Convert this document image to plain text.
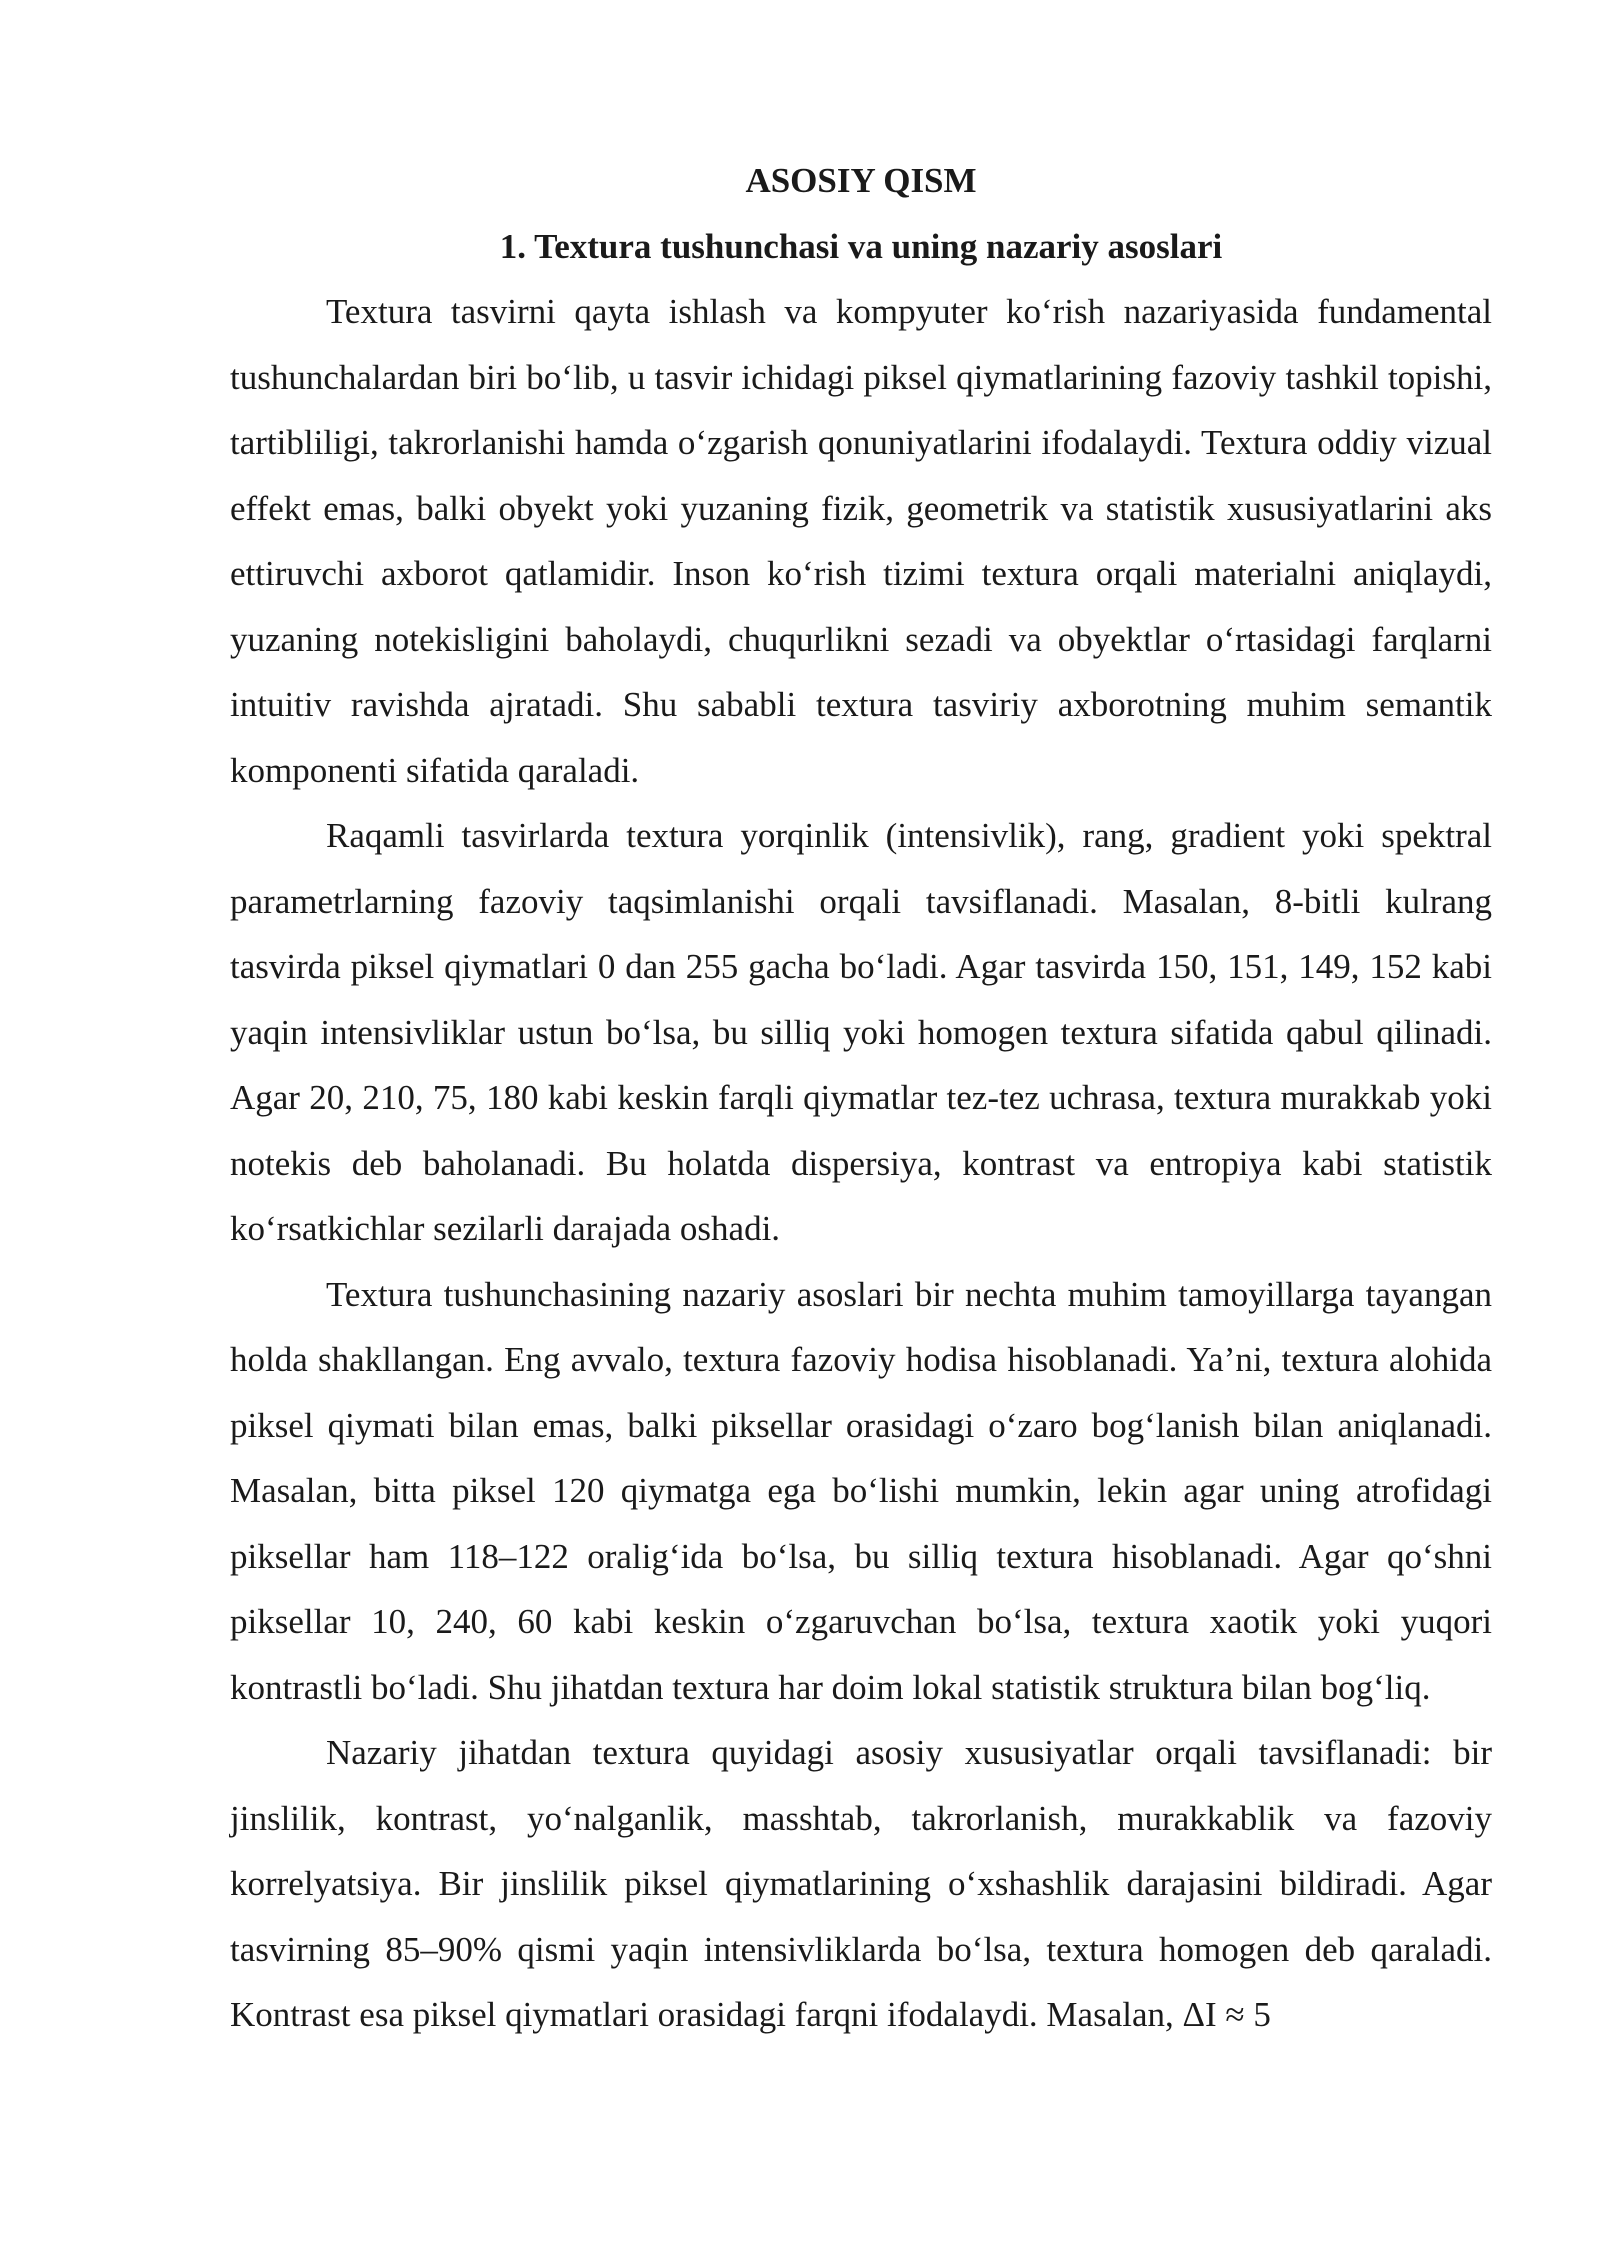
ASOSIY QISM
1. Textura tushunchasi va uning nazariy asoslari

Textura tasvirni qayta ishlash va kompyuter ko‘rish nazariyasida fundamental tushunchalardan biri bo‘lib, u tasvir ichidagi piksel qiymatlarining fazoviy tashkil topishi, tartibliligi, takrorlanishi hamda o‘zgarish qonuniyatlarini ifodalaydi. Textura oddiy vizual effekt emas, balki obyekt yoki yuzaning fizik, geometrik va statistik xususiyatlarini aks ettiruvchi axborot qatlamidir. Inson ko‘rish tizimi textura orqali materialni aniqlaydi, yuzaning notekisligini baholaydi, chuqurlikni sezadi va obyektlar o‘rtasidagi farqlarni intuitiv ravishda ajratadi. Shu sababli textura tasviriy axborotning muhim semantik komponenti sifatida qaraladi.

Raqamli tasvirlarda textura yorqinlik (intensivlik), rang, gradient yoki spektral parametrlarning fazoviy taqsimlanishi orqali tavsiflanadi. Masalan, 8-bitli kulrang tasvirda piksel qiymatlari 0 dan 255 gacha bo‘ladi. Agar tasvirda 150, 151, 149, 152 kabi yaqin intensivliklar ustun bo‘lsa, bu silliq yoki homogen textura sifatida qabul qilinadi. Agar 20, 210, 75, 180 kabi keskin farqli qiymatlar tez-tez uchrasa, textura murakkab yoki notekis deb baholanadi. Bu holatda dispersiya, kontrast va entropiya kabi statistik ko‘rsatkichlar sezilarli darajada oshadi.

Textura tushunchasining nazariy asoslari bir nechta muhim tamoyillarga tayangan holda shakllangan. Eng avvalo, textura fazoviy hodisa hisoblanadi. Ya’ni, textura alohida piksel qiymati bilan emas, balki piksellar orasidagi o‘zaro bog‘lanish bilan aniqlanadi. Masalan, bitta piksel 120 qiymatga ega bo‘lishi mumkin, lekin agar uning atrofidagi piksellar ham 118–122 oralig‘ida bo‘lsa, bu silliq textura hisoblanadi. Agar qo‘shni piksellar 10, 240, 60 kabi keskin o‘zgaruvchan bo‘lsa, textura xaotik yoki yuqori kontrastli bo‘ladi. Shu jihatdan textura har doim lokal statistik struktura bilan bog‘liq.

Nazariy jihatdan textura quyidagi asosiy xususiyatlar orqali tavsiflanadi: bir jinslilik, kontrast, yo‘nalganlik, masshtab, takrorlanish, murakkablik va fazoviy korrelyatsiya. Bir jinslilik piksel qiymatlarining o‘xshashlik darajasini bildiradi. Agar tasvirning 85–90% qismi yaqin intensivliklarda bo‘lsa, textura homogen deb qaraladi. Kontrast esa piksel qiymatlari orasidagi farqni ifodalaydi. Masalan, ΔI ≈ 5
